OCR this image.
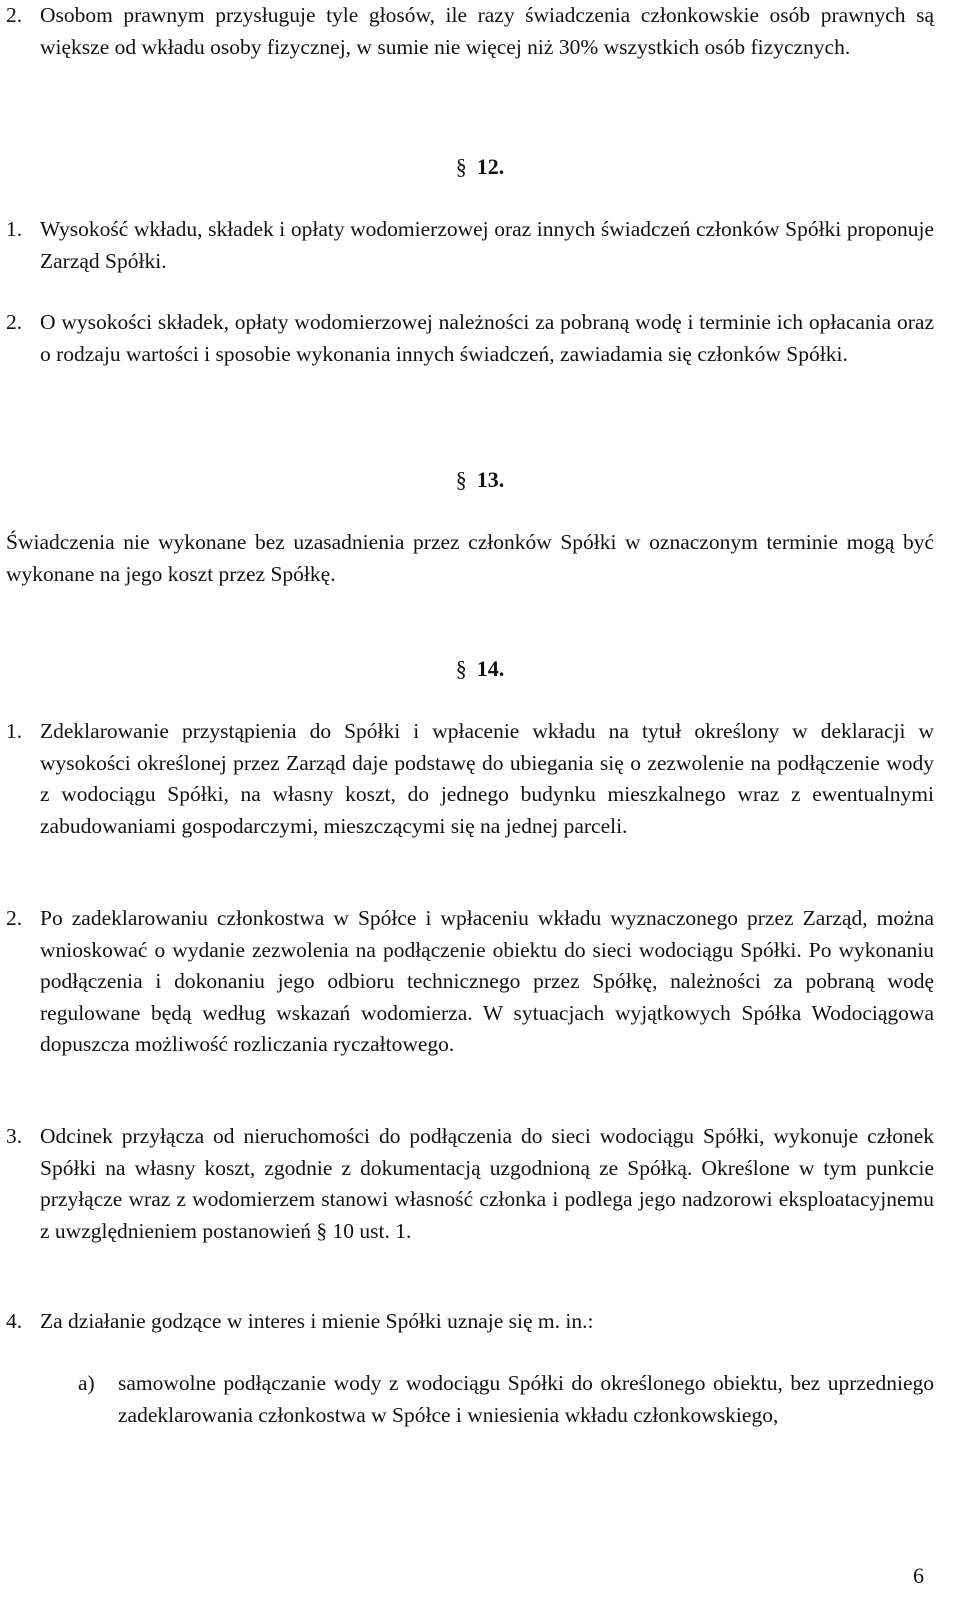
2. Osobom prawnym przysługuje tyle głosów, ile razy świadczenia członkowskie osób prawnych są większe od wkładu osoby fizycznej, w sumie nie więcej niż 30% wszystkich osób fizycznych.
§ 12.
1. Wysokość wkładu, składek i opłaty wodomierzowej oraz innych świadczeń członków Spółki proponuje Zarząd Spółki.
2. O wysokości składek, opłaty wodomierzowej należności za pobraną wodę i terminie ich opłacania oraz o rodzaju wartości i sposobie wykonania innych świadczeń, zawiadamia się członków Spółki.
§ 13.
Świadczenia nie wykonane bez uzasadnienia przez członków Spółki w oznaczonym terminie mogą być wykonane na jego koszt przez Spółkę.
§ 14.
1. Zdeklarowanie przystąpienia do Spółki i wpłacenie wkładu na tytuł określony w deklaracji w wysokości określonej przez Zarząd daje podstawę do ubiegania się o zezwolenie na podłączenie wody z wodociągu Spółki, na własny koszt, do jednego budynku mieszkalnego wraz z ewentualnymi zabudowaniami gospodarczymi, mieszczącymi się na jednej parceli.
2. Po zadeklarowaniu członkostwa w Spółce i wpłaceniu wkładu wyznaczonego przez Zarząd, można wnioskować o wydanie zezwolenia na podłączenie obiektu do sieci wodociągu Spółki. Po wykonaniu podłączenia i dokonaniu jego odbioru technicznego przez Spółkę, należności za pobraną wodę regulowane będą według wskazań wodomierza. W sytuacjach wyjątkowych Spółka Wodociągowa dopuszcza możliwość rozliczania ryczałtowego.
3. Odcinek przyłącza od nieruchomości do podłączenia do sieci wodociągu Spółki, wykonuje członek Spółki na własny koszt, zgodnie z dokumentacją uzgodnioną ze Spółką. Określone w tym punkcie przyłącze wraz z wodomierzem stanowi własność członka i podlega jego nadzorowi eksploatacyjnemu z uwzględnieniem postanowień § 10 ust. 1.
4. Za działanie godzące w interes i mienie Spółki uznaje się m. in.:
a) samowolne podłączanie wody z wodociągu Spółki do określonego obiektu, bez uprzedniego zadeklarowania członkostwa w Spółce i wniesienia wkładu członkowskiego,
6
